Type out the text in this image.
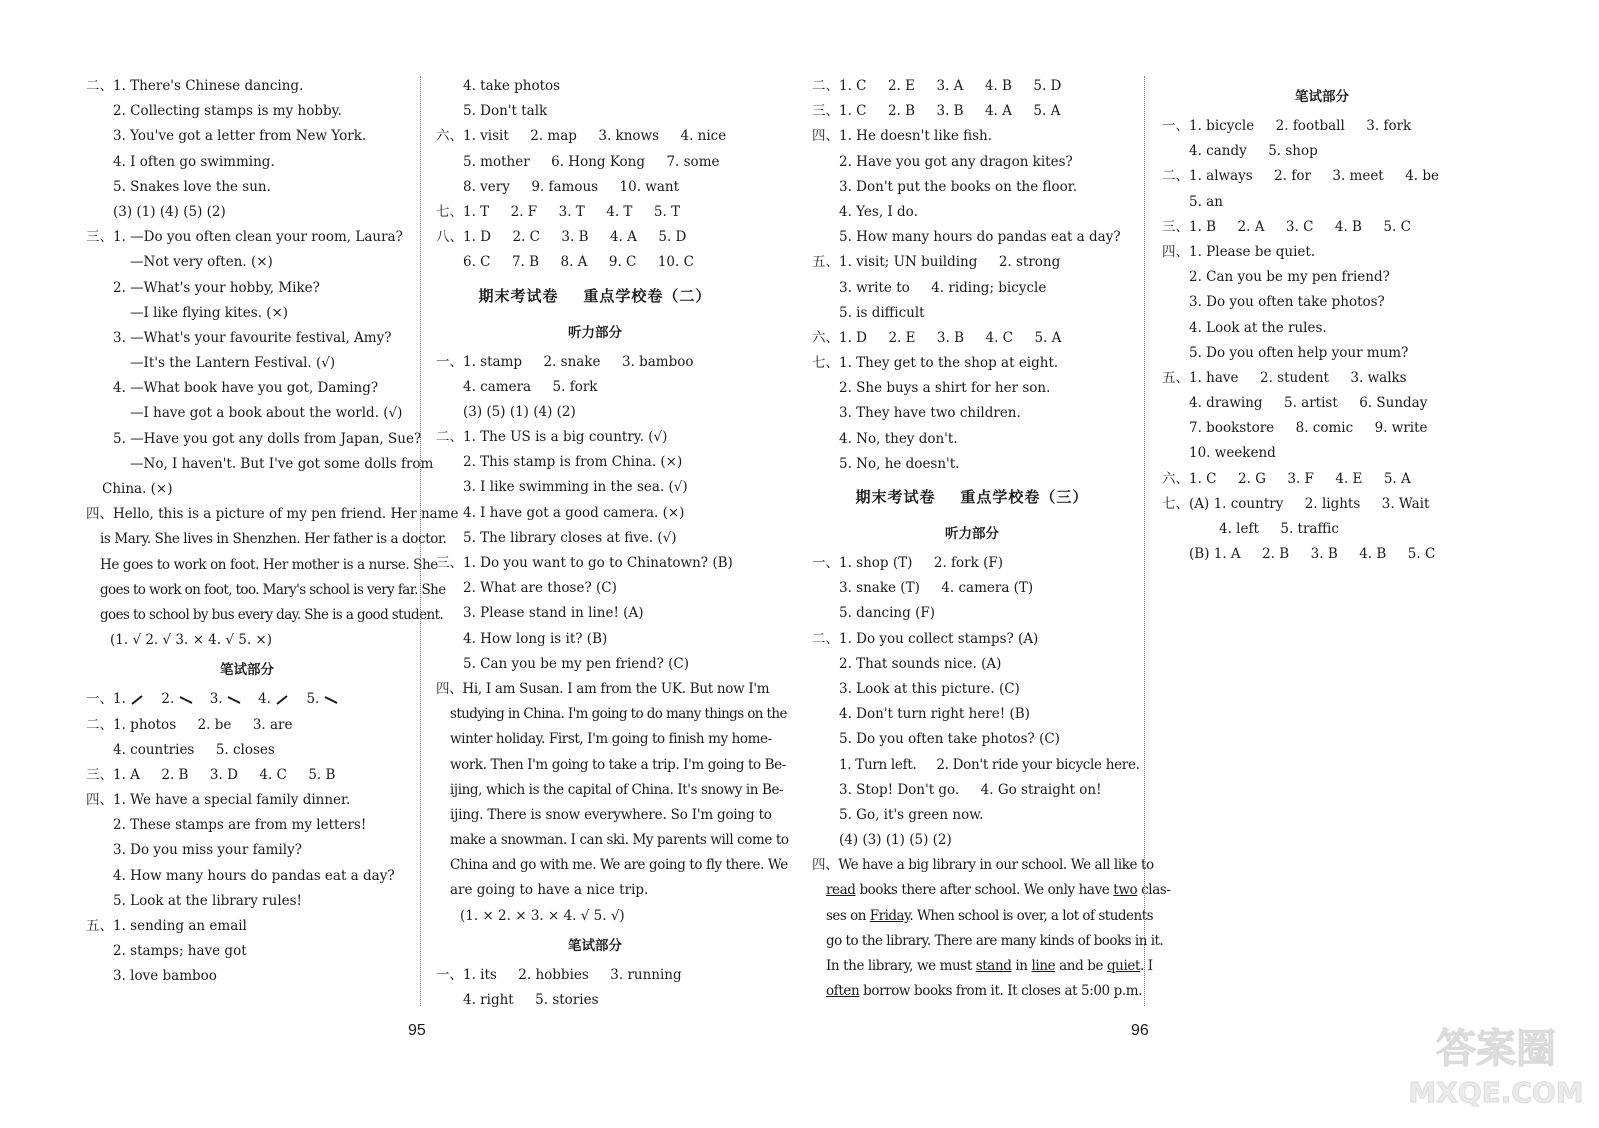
二、1. There's Chinese dancing.
2. Collecting stamps is my hobby.
3. You've got a letter from New York.
4. I often go swimming.
5. Snakes love the sun.
(3) (1) (4) (5) (2)
三、1. —Do you often clean your room, Laura?
—Not very often. (×)
2. —What's your hobby, Mike?
—I like flying kites. (×)
3. —What's your favourite festival, Amy?
—It's the Lantern Festival. (√)
4. —What book have you got, Daming?
—I have got a book about the world. (√)
5. —Have you got any dolls from Japan, Sue?
—No, I haven't. But I've got some dolls from
China. (×)
四、Hello, this is a picture of my pen friend. Her name
is Mary. She lives in Shenzhen. Her father is a doctor.
He goes to work on foot. Her mother is a nurse. She
goes to work on foot, too. Mary's school is very far. She
goes to school by bus every day. She is a good student.
(1. √ 2. √ 3. × 4. √ 5. ×)
笔试部分
一、1.	2.	3.	4.	5.
二、1. photos     2. be     3. are
4. countries     5. closes
三、1. A     2. B     3. D     4. C     5. B
四、1. We have a special family dinner.
2. These stamps are from my letters!
3. Do you miss your family?
4. How many hours do pandas eat a day?
5. Look at the library rules!
五、1. sending an email
2. stamps; have got
3. love bamboo
4. take photos
5. Don't talk
六、1. visit     2. map     3. knows     4. nice
5. mother     6. Hong Kong     7. some
8. very     9. famous     10. want
七、1. T     2. F     3. T     4. T     5. T
八、1. D     2. C     3. B     4. A     5. D
6. C     7. B     8. A     9. C     10. C
期末考试卷    重点学校卷（二）
听力部分
一、1. stamp     2. snake     3. bamboo
4. camera     5. fork
(3) (5) (1) (4) (2)
二、1. The US is a big country. (√)
2. This stamp is from China. (×)
3. I like swimming in the sea. (√)
4. I have got a good camera. (×)
5. The library closes at five. (√)
三、1. Do you want to go to Chinatown? (B)
2. What are those? (C)
3. Please stand in line! (A)
4. How long is it? (B)
5. Can you be my pen friend? (C)
四、Hi, I am Susan. I am from the UK. But now I'm
studying in China. I'm going to do many things on the
winter holiday. First, I'm going to finish my home-
work. Then I'm going to take a trip. I'm going to Be-
ijing, which is the capital of China. It's snowy in Be-
ijing. There is snow everywhere. So I'm going to
make a snowman. I can ski. My parents will come to
China and go with me. We are going to fly there. We
are going to have a nice trip.
(1. × 2. × 3. × 4. √ 5. √)
笔试部分
一、1. its     2. hobbies     3. running
4. right     5. stories
二、1. C     2. E     3. A     4. B     5. D
三、1. C     2. B     3. B     4. A     5. A
四、1. He doesn't like fish.
2. Have you got any dragon kites?
3. Don't put the books on the floor.
4. Yes, I do.
5. How many hours do pandas eat a day?
五、1. visit; UN building     2. strong
3. write to     4. riding; bicycle
5. is difficult
六、1. D     2. E     3. B     4. C     5. A
七、1. They get to the shop at eight.
2. She buys a shirt for her son.
3. They have two children.
4. No, they don't.
5. No, he doesn't.
期末考试卷    重点学校卷（三）
听力部分
一、1. shop (T)     2. fork (F)
3. snake (T)     4. camera (T)
5. dancing (F)
二、1. Do you collect stamps? (A)
2. That sounds nice. (A)
3. Look at this picture. (C)
4. Don't turn right here! (B)
5. Do you often take photos? (C)
1. Turn left.     2. Don't ride your bicycle here.
3. Stop! Don't go.     4. Go straight on!
5. Go, it's green now.
(4) (3) (1) (5) (2)
四、We have a big library in our school. We all like to
read books there after school. We only have two clas-
ses on Friday. When school is over, a lot of students
go to the library. There are many kinds of books in it.
In the library, we must stand in line and be quiet. I
often borrow books from it. It closes at 5:00 p.m.
笔试部分
一、1. bicycle     2. football     3. fork
4. candy     5. shop
二、1. always     2. for     3. meet     4. be
5. an
三、1. B     2. A     3. C     4. B     5. C
四、1. Please be quiet.
2. Can you be my pen friend?
3. Do you often take photos?
4. Look at the rules.
5. Do you often help your mum?
五、1. have     2. student     3. walks
4. drawing     5. artist     6. Sunday
7. bookstore     8. comic     9. write
10. weekend
六、1. C     2. G     3. F     4. E     5. A
七、(A) 1. country     2. lights     3. Wait
4. left     5. traffic
(B) 1. A     2. B     3. B     4. B     5. C
95	96	答案圈
MXQE.COM
